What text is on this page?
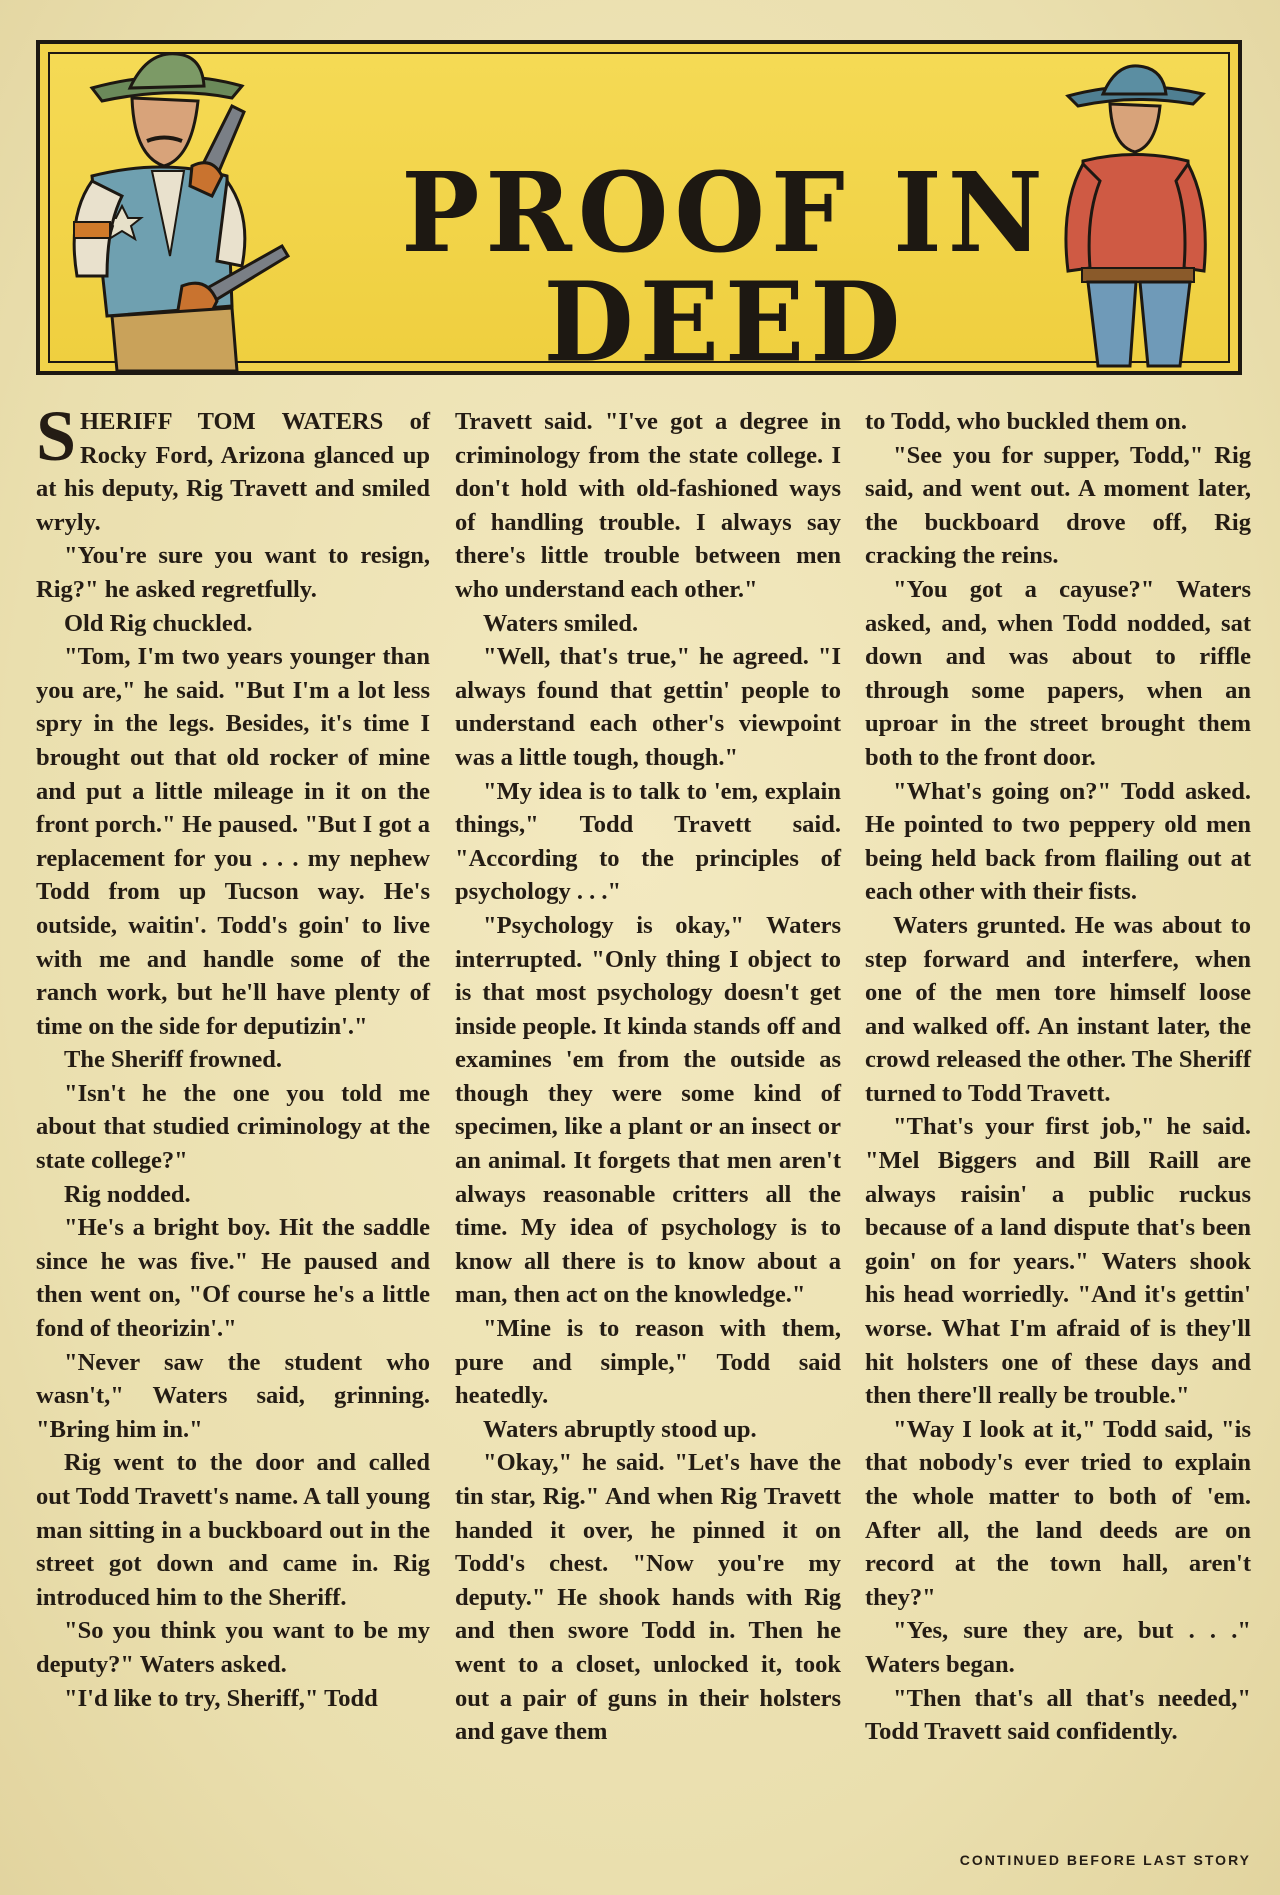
PROOF IN DEED

SHERIFF TOM WATERS of Rocky Ford, Arizona glanced up at his deputy, Rig Travett and smiled wryly.

"You're sure you want to resign, Rig?" he asked regretfully.

Old Rig chuckled.

"Tom, I'm two years younger than you are," he said. "But I'm a lot less spry in the legs. Besides, it's time I brought out that old rocker of mine and put a little mileage in it on the front porch." He paused. "But I got a replacement for you . . . my nephew Todd from up Tucson way. He's outside, waitin'. Todd's goin' to live with me and handle some of the ranch work, but he'll have plenty of time on the side for deputizin'."

The Sheriff frowned.

"Isn't he the one you told me about that studied criminology at the state college?"

Rig nodded.

"He's a bright boy. Hit the saddle since he was five." He paused and then went on, "Of course he's a little fond of theorizin'."

"Never saw the student who wasn't," Waters said, grinning. "Bring him in."

Rig went to the door and called out Todd Travett's name. A tall young man sitting in a buckboard out in the street got down and came in. Rig introduced him to the Sheriff.

"So you think you want to be my deputy?" Waters asked.

"I'd like to try, Sheriff," Todd

Travett said. "I've got a degree in criminology from the state college. I don't hold with old-fashioned ways of handling trouble. I always say there's little trouble between men who understand each other."

Waters smiled.

"Well, that's true," he agreed. "I always found that gettin' people to understand each other's viewpoint was a little tough, though."

"My idea is to talk to 'em, explain things," Todd Travett said. "According to the principles of psychology . . ."

"Psychology is okay," Waters interrupted. "Only thing I object to is that most psychology doesn't get inside people. It kinda stands off and examines 'em from the outside as though they were some kind of specimen, like a plant or an insect or an animal. It forgets that men aren't always reasonable critters all the time. My idea of psychology is to know all there is to know about a man, then act on the knowledge."

"Mine is to reason with them, pure and simple," Todd said heatedly.

Waters abruptly stood up.

"Okay," he said. "Let's have the tin star, Rig." And when Rig Travett handed it over, he pinned it on Todd's chest. "Now you're my deputy." He shook hands with Rig and then swore Todd in. Then he went to a closet, unlocked it, took out a pair of guns in their holsters and gave them

to Todd, who buckled them on.

"See you for supper, Todd," Rig said, and went out. A moment later, the buckboard drove off, Rig cracking the reins.

"You got a cayuse?" Waters asked, and, when Todd nodded, sat down and was about to riffle through some papers, when an uproar in the street brought them both to the front door.

"What's going on?" Todd asked. He pointed to two peppery old men being held back from flailing out at each other with their fists.

Waters grunted. He was about to step forward and interfere, when one of the men tore himself loose and walked off. An instant later, the crowd released the other. The Sheriff turned to Todd Travett.

"That's your first job," he said. "Mel Biggers and Bill Raill are always raisin' a public ruckus because of a land dispute that's been goin' on for years." Waters shook his head worriedly. "And it's gettin' worse. What I'm afraid of is they'll hit holsters one of these days and then there'll really be trouble."

"Way I look at it," Todd said, "is that nobody's ever tried to explain the whole matter to both of 'em. After all, the land deeds are on record at the town hall, aren't they?"

"Yes, sure they are, but . . ." Waters began.

"Then that's all that's needed," Todd Travett said confidently.

CONTINUED BEFORE LAST STORY
